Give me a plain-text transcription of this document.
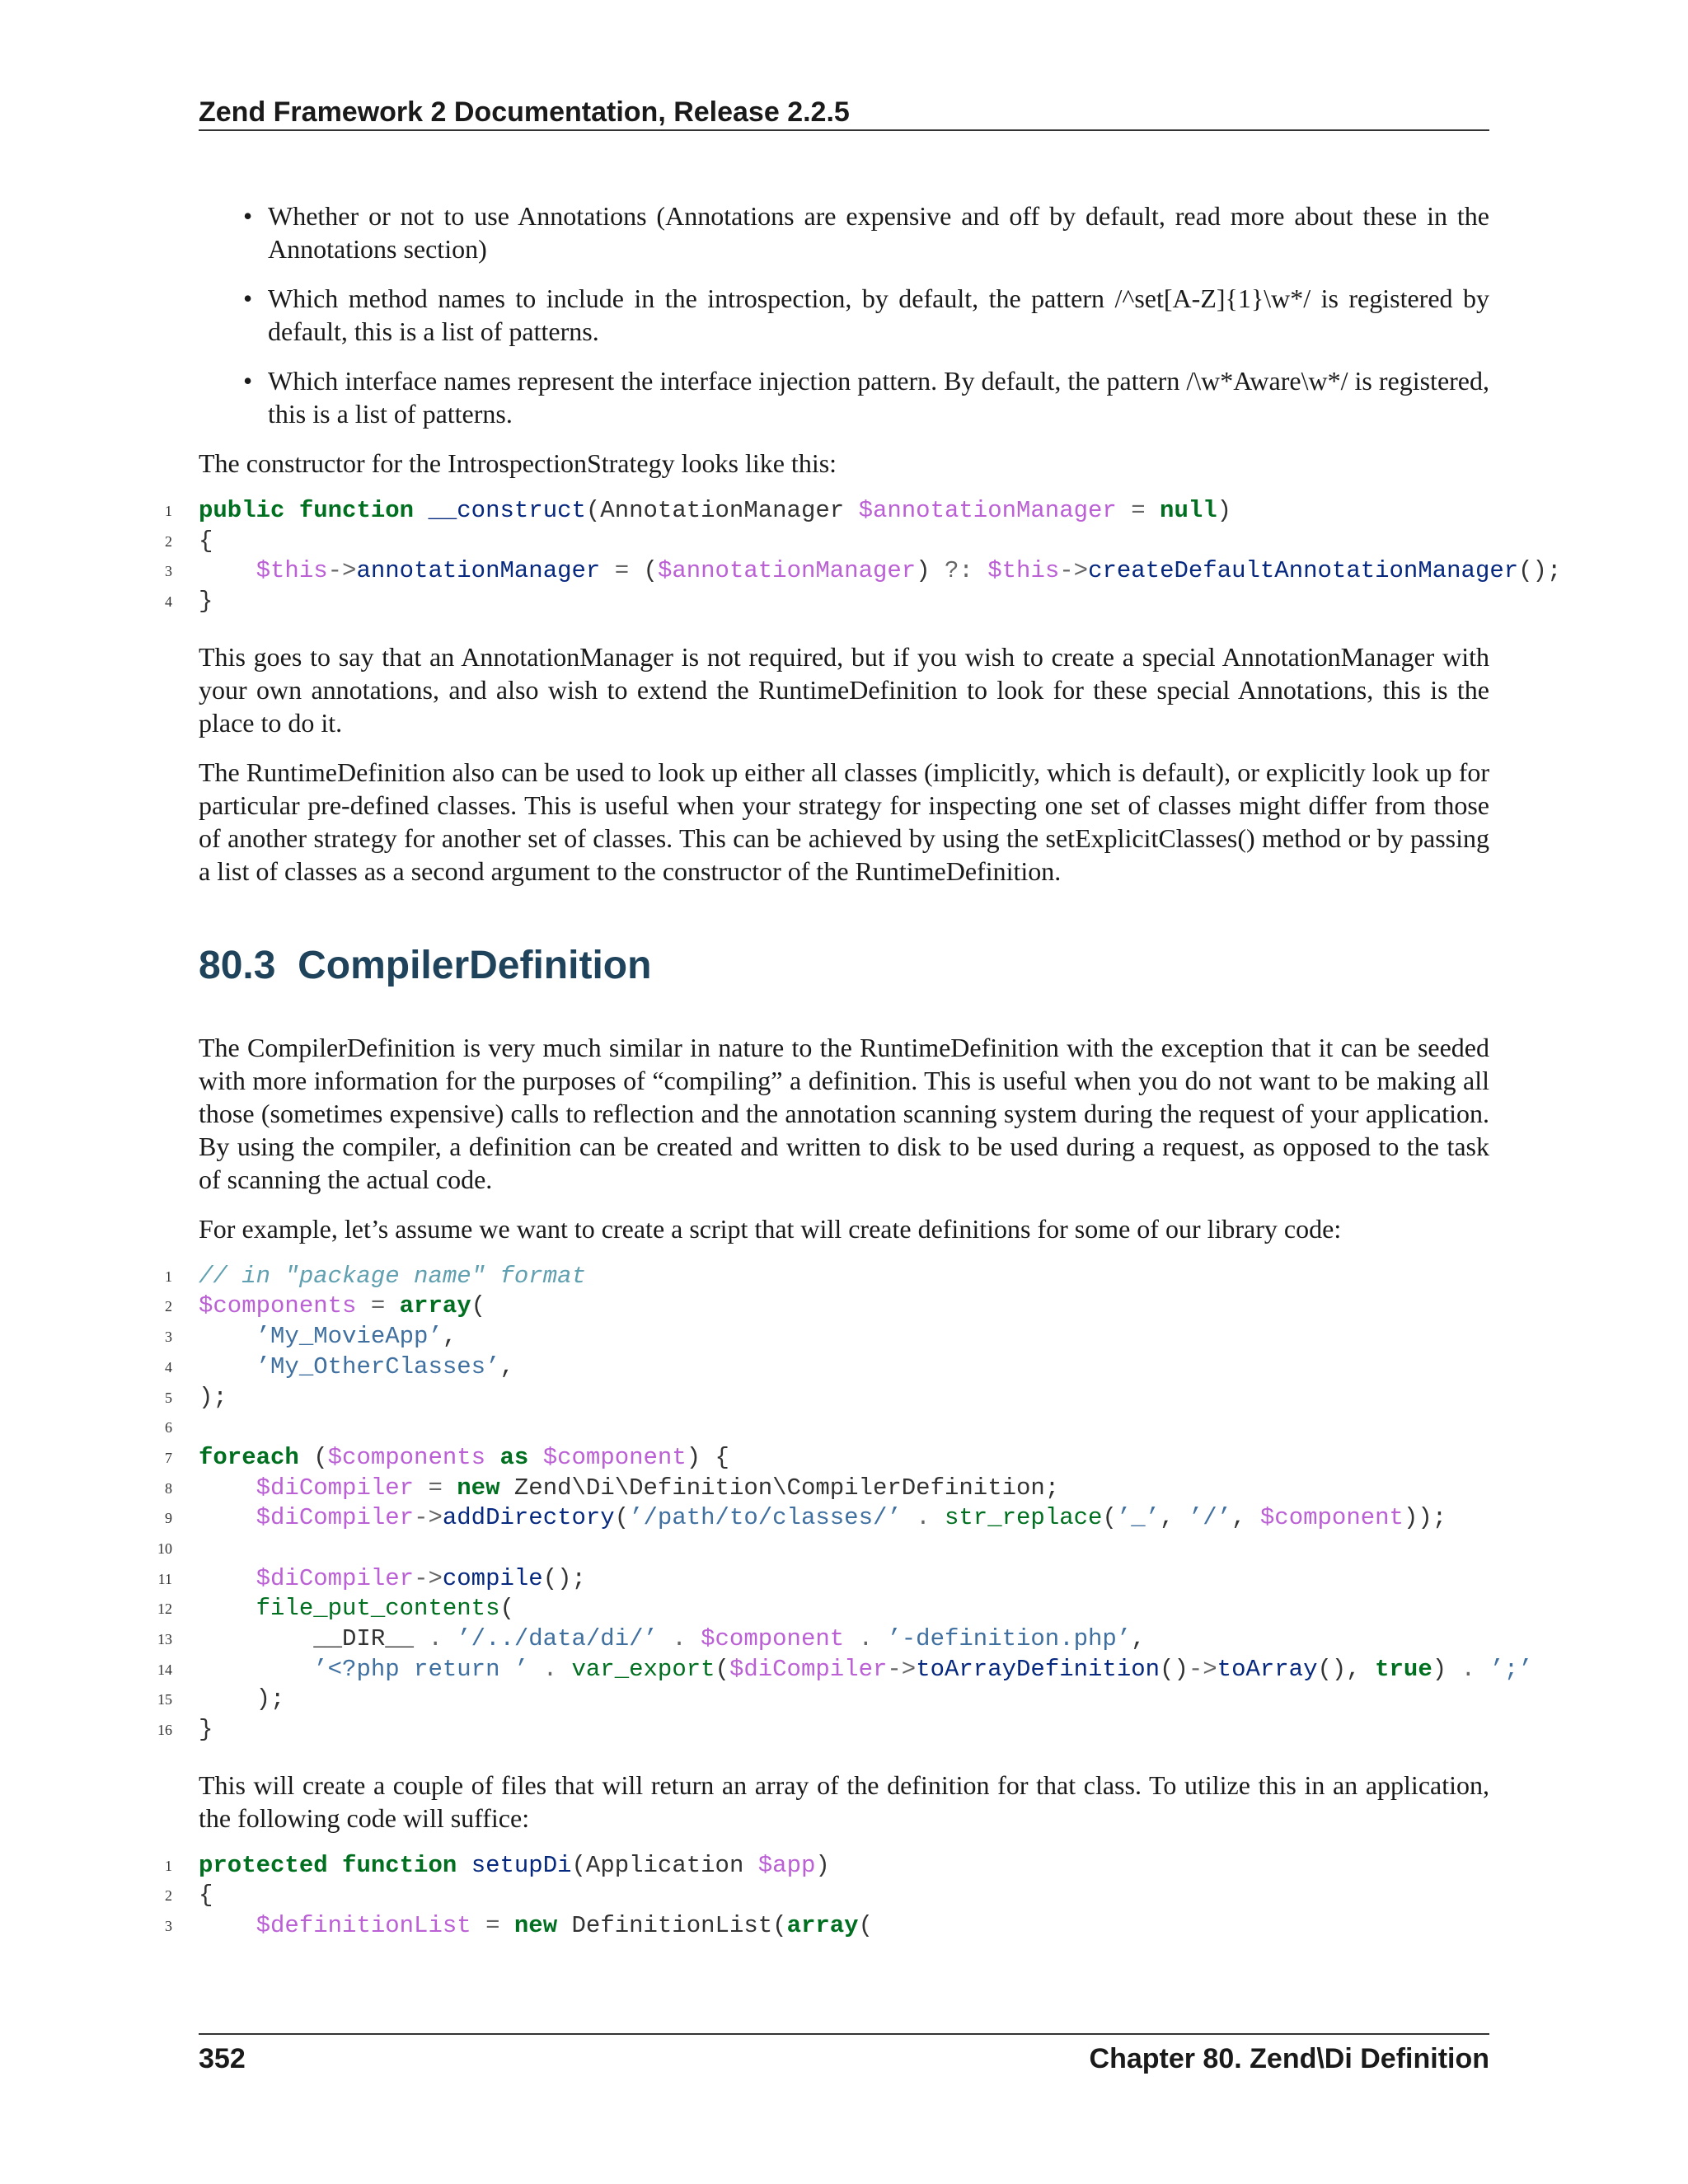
Zend Framework 2 Documentation, Release 2.2.5
• Whether or not to use Annotations (Annotations are expensive and off by default, read more about these in the Annotations section)
• Which method names to include in the introspection, by default, the pattern /^set[A-Z]{1}\w*/ is registered by default, this is a list of patterns.
• Which interface names represent the interface injection pattern. By default, the pattern /\w*Aware\w*/ is registered, this is a list of patterns.

The constructor for the IntrospectionStrategy looks like this:

1 public function __construct(AnnotationManager $annotationManager = null)
2 {
3	$this->annotationManager = ($annotationManager) ?: $this->createDefaultAnnotationManager();
4 }

This goes to say that an AnnotationManager is not required, but if you wish to create a special AnnotationManager with your own annotations, and also wish to extend the RuntimeDefinition to look for these special Annotations, this is the place to do it.

The RuntimeDefinition also can be used to look up either all classes (implicitly, which is default), or explicitly look up for particular pre-defined classes. This is useful when your strategy for inspecting one set of classes might differ from those of another strategy for another set of classes. This can be achieved by using the setExplicitClasses() method or by passing a list of classes as a second argument to the constructor of the RuntimeDefinition.

80.3 CompilerDefinition

The CompilerDefinition is very much similar in nature to the RuntimeDefinition with the exception that it can be seeded with more information for the purposes of “compiling” a definition. This is useful when you do not want to be making all those (sometimes expensive) calls to reflection and the annotation scanning system during the request of your application. By using the compiler, a definition can be created and written to disk to be used during a request, as opposed to the task of scanning the actual code.

For example, let’s assume we want to create a script that will create definitions for some of our library code:

1 // in "package name" format
2 $components = array(
3	’My_MovieApp’,
4	’My_OtherClasses’,
5 );
6
7 foreach ($components as $component) {
8	$diCompiler = new Zend\Di\Definition\CompilerDefinition;
9	$diCompiler->addDirectory(’/path/to/classes/’ . str_replace(’_’, ’/’, $component));
10
11	$diCompiler->compile();
12	file_put_contents(
13 __DIR__ . ’/../data/di/’ . $component . ’-definition.php’,
14	’<?php return ’ . var_export($diCompiler->toArrayDefinition()->toArray(), true) . ’;’
15 );
16 }

This will create a couple of files that will return an array of the definition for that class. To utilize this in an application, the following code will suffice:

1 protected function setupDi(Application $app)
2 {
3	$definitionList = new DefinitionList(array(
352	Chapter 80. Zend\Di Definition
